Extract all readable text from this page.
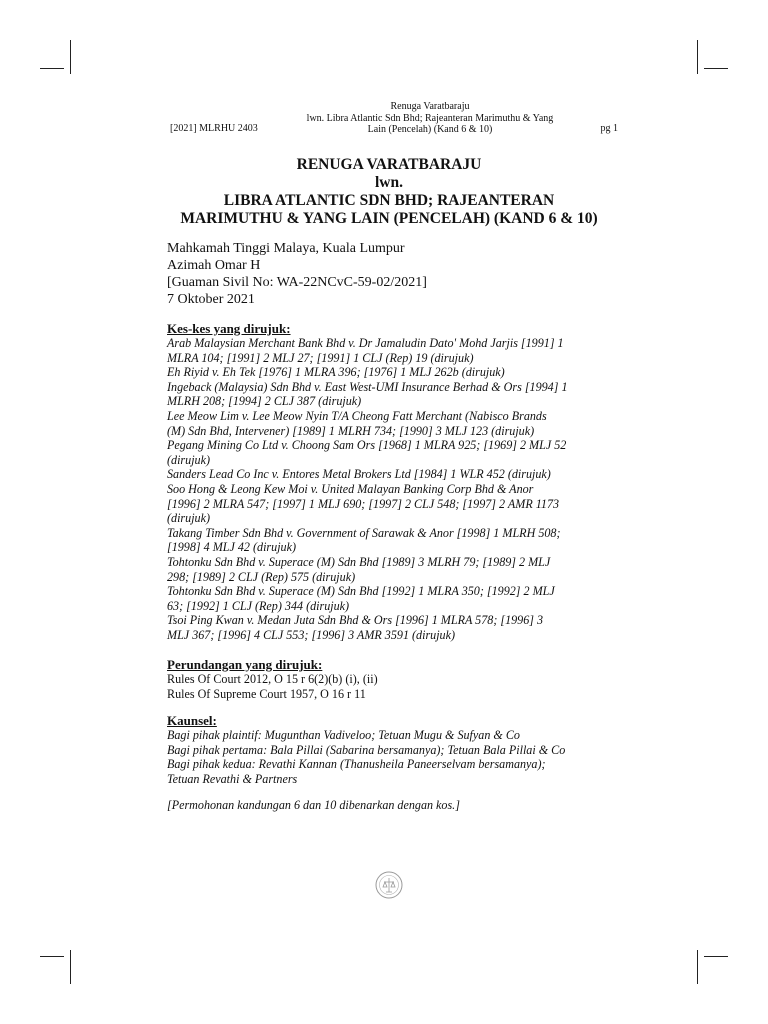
[2021] MLRHU 2403
Renuga Varatbaraju
lwn. Libra Atlantic Sdn Bhd; Rajeanteran Marimuthu & Yang
Lain (Pencelah) (Kand 6 & 10)	pg 1
RENUGA VARATBARAJU
lwn.
LIBRA ATLANTIC SDN BHD; RAJEANTERAN
MARIMUTHU & YANG LAIN (PENCELAH) (KAND 6 & 10)
Mahkamah Tinggi Malaya, Kuala Lumpur
Azimah Omar H
[Guaman Sivil No: WA-22NCvC-59-02/2021]
7 Oktober 2021
Kes-kes yang dirujuk:
Arab Malaysian Merchant Bank Bhd v. Dr Jamaludin Dato' Mohd Jarjis [1991] 1
MLRA 104; [1991] 2 MLJ 27; [1991] 1 CLJ (Rep) 19 (dirujuk)
Eh Riyid v. Eh Tek [1976] 1 MLRA 396; [1976] 1 MLJ 262b (dirujuk)
Ingeback (Malaysia) Sdn Bhd v. East West-UMI Insurance Berhad & Ors [1994] 1
MLRH 208; [1994] 2 CLJ 387 (dirujuk)
Lee Meow Lim v. Lee Meow Nyin T/A Cheong Fatt Merchant (Nabisco Brands
(M) Sdn Bhd, Intervener) [1989] 1 MLRH 734; [1990] 3 MLJ 123 (dirujuk)
Pegang Mining Co Ltd v. Choong Sam Ors [1968] 1 MLRA 925; [1969] 2 MLJ 52
(dirujuk)
Sanders Lead Co Inc v. Entores Metal Brokers Ltd [1984] 1 WLR 452 (dirujuk)
Soo Hong & Leong Kew Moi v. United Malayan Banking Corp Bhd & Anor
[1996] 2 MLRA 547; [1997] 1 MLJ 690; [1997] 2 CLJ 548; [1997] 2 AMR 1173
(dirujuk)
Takang Timber Sdn Bhd v. Government of Sarawak & Anor [1998] 1 MLRH 508;
[1998] 4 MLJ 42 (dirujuk)
Tohtonku Sdn Bhd v. Superace (M) Sdn Bhd [1989] 3 MLRH 79; [1989] 2 MLJ
298; [1989] 2 CLJ (Rep) 575 (dirujuk)
Tohtonku Sdn Bhd v. Superace (M) Sdn Bhd [1992] 1 MLRA 350; [1992] 2 MLJ
63; [1992] 1 CLJ (Rep) 344 (dirujuk)
Tsoi Ping Kwan v. Medan Juta Sdn Bhd & Ors [1996] 1 MLRA 578; [1996] 3
MLJ 367; [1996] 4 CLJ 553; [1996] 3 AMR 3591 (dirujuk)
Perundangan yang dirujuk:
Rules Of Court 2012, O 15 r 6(2)(b) (i), (ii)
Rules Of Supreme Court 1957, O 16 r 11
Kaunsel:
Bagi pihak plaintif: Mugunthan Vadiveloo; Tetuan Mugu & Sufyan & Co
Bagi pihak pertama: Bala Pillai (Sabarina bersamanya); Tetuan Bala Pillai & Co
Bagi pihak kedua: Revathi Kannan (Thanusheila Paneerselvam bersamanya);
Tetuan Revathi & Partners
[Permohonan kandungan 6 dan 10 dibenarkan dengan kos.]
